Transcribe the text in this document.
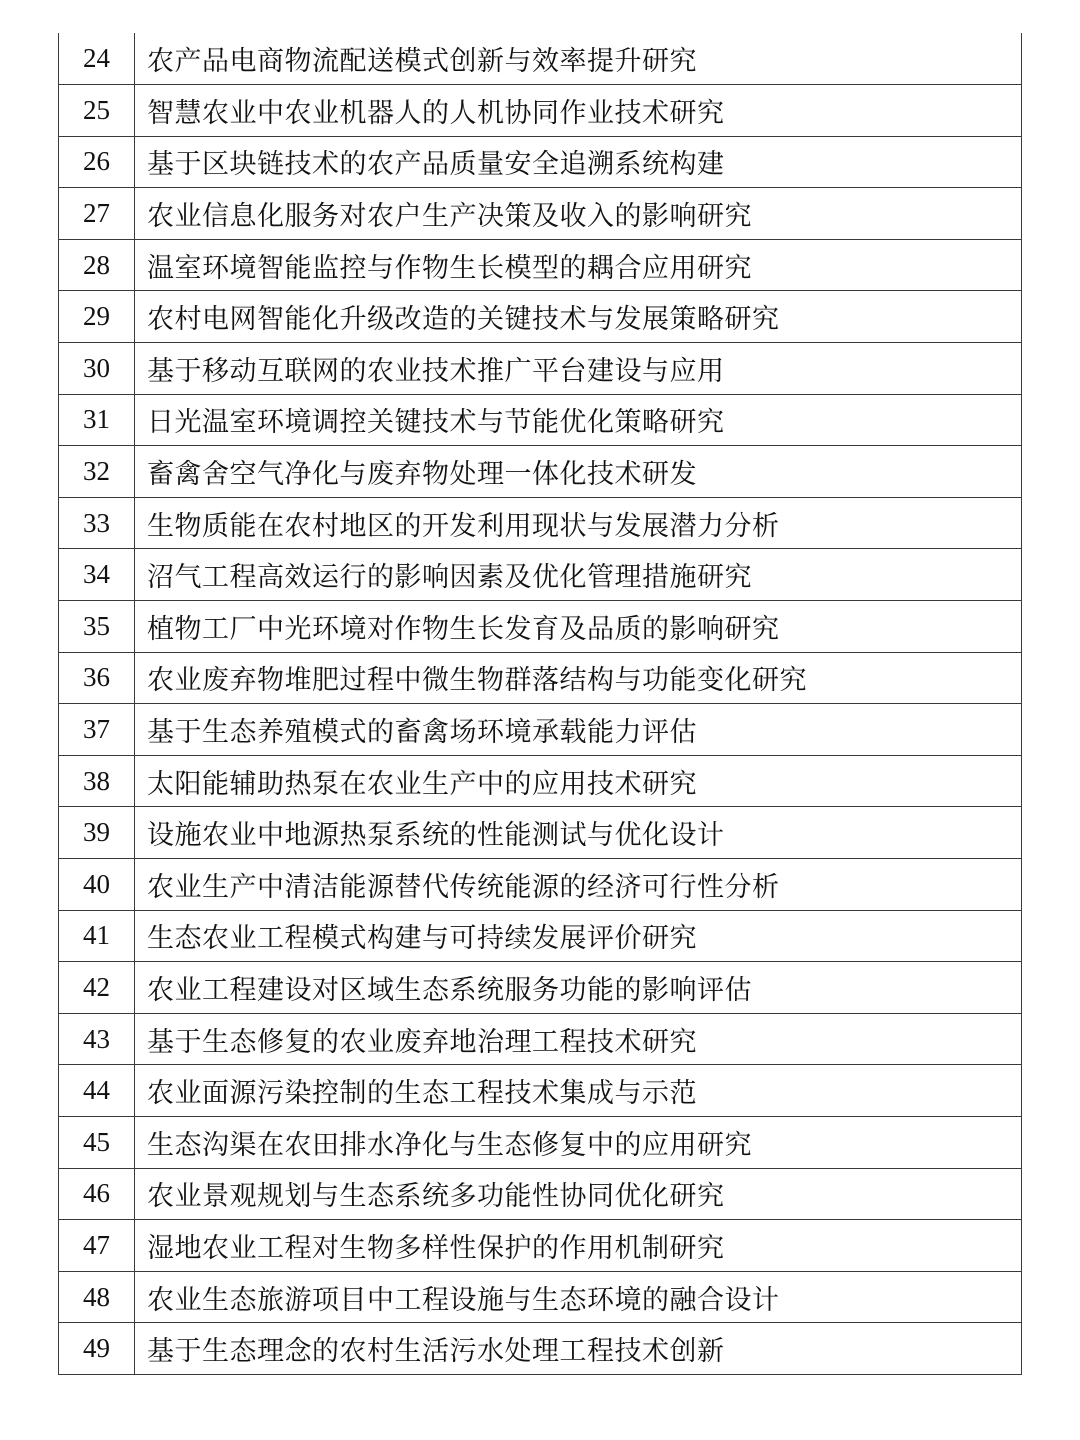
24	农产品电商物流配送模式创新与效率提升研究
25	智慧农业中农业机器人的人机协同作业技术研究
26	基于区块链技术的农产品质量安全追溯系统构建
27	农业信息化服务对农户生产决策及收入的影响研究
28	温室环境智能监控与作物生长模型的耦合应用研究
29	农村电网智能化升级改造的关键技术与发展策略研究
30	基于移动互联网的农业技术推广平台建设与应用
31	日光温室环境调控关键技术与节能优化策略研究
32	畜禽舍空气净化与废弃物处理一体化技术研发
33	生物质能在农村地区的开发利用现状与发展潜力分析
34	沼气工程高效运行的影响因素及优化管理措施研究
35	植物工厂中光环境对作物生长发育及品质的影响研究
36	农业废弃物堆肥过程中微生物群落结构与功能变化研究
37	基于生态养殖模式的畜禽场环境承载能力评估
38	太阳能辅助热泵在农业生产中的应用技术研究
39	设施农业中地源热泵系统的性能测试与优化设计
40	农业生产中清洁能源替代传统能源的经济可行性分析
41	生态农业工程模式构建与可持续发展评价研究
42	农业工程建设对区域生态系统服务功能的影响评估
43	基于生态修复的农业废弃地治理工程技术研究
44	农业面源污染控制的生态工程技术集成与示范
45	生态沟渠在农田排水净化与生态修复中的应用研究
46	农业景观规划与生态系统多功能性协同优化研究
47	湿地农业工程对生物多样性保护的作用机制研究
48	农业生态旅游项目中工程设施与生态环境的融合设计
49	基于生态理念的农村生活污水处理工程技术创新
